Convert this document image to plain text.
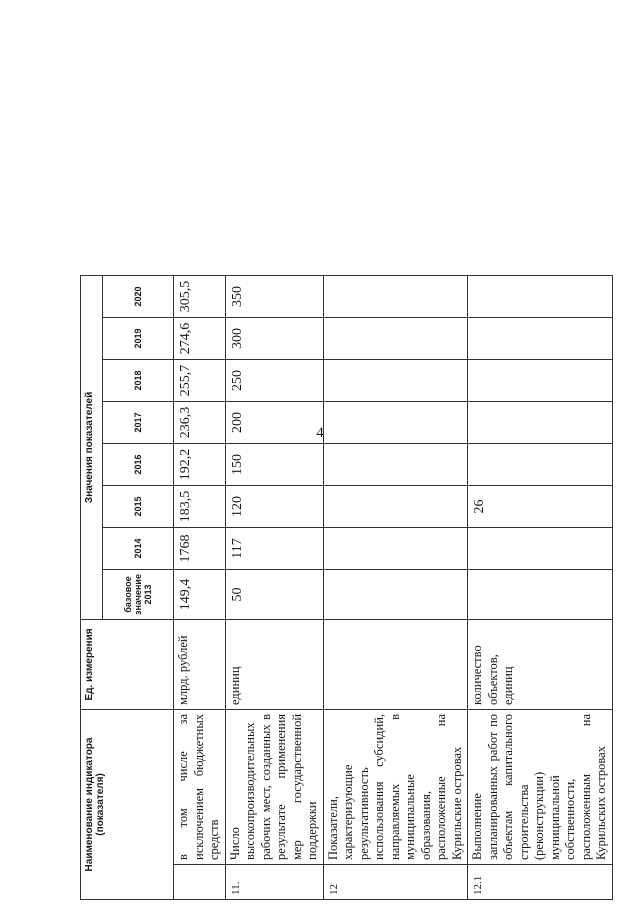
4
Наименование индикатора (показателя)		Ед. измерения	Значения показателей								

			базовое значение 2013	2014	2015	2016	2017	2018	2019	2020	
	в том числе за исключением бюджетных средств	млрд. рублей	149,4	1768	183,5	192,2	236,3	255,7	274,6	305,5	
11.	Число высокопроизводительных рабочих мест, созданных в результате применения мер государственной поддержки	единиц	50	117	120	150	200	250	300	350	
12	Показатели, характеризующие результативность использования субсидий, направляемых в муниципальные образования, расположенные на Курильские островах										
12.1	Выполнение запланированных работ по объектам капитального строительства (реконструкции) муниципальной собственности, расположенным на Курильских островах	количество объектов, единиц			26						
